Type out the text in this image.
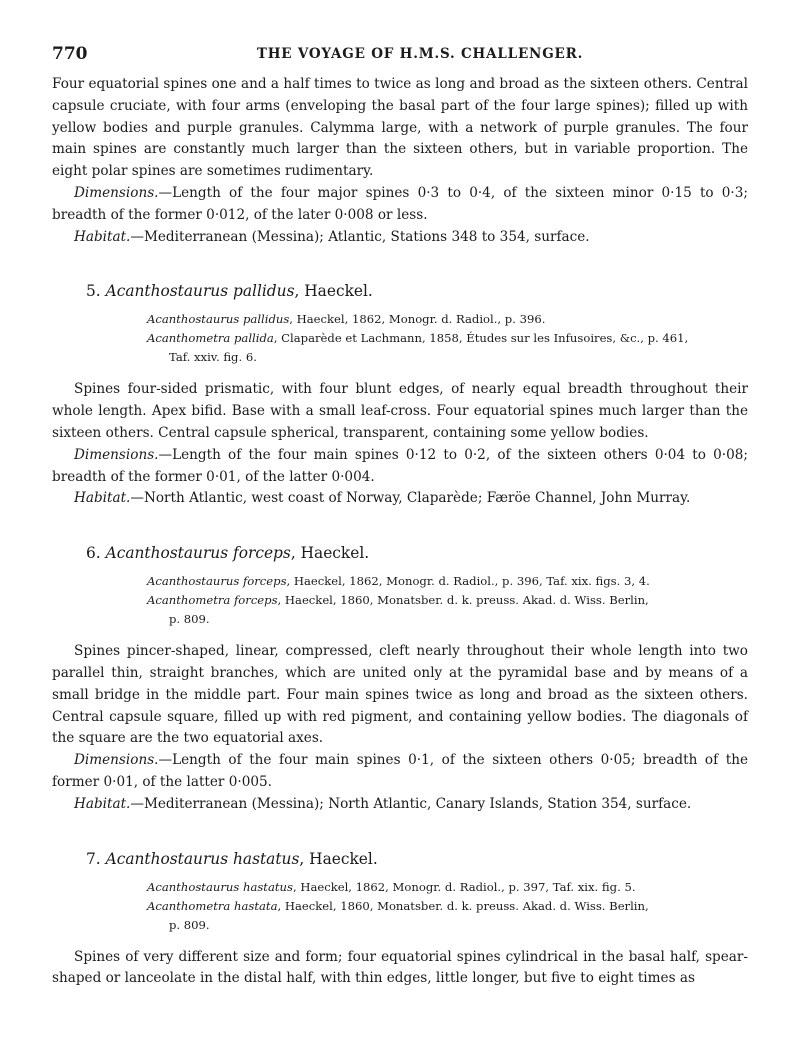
770	THE VOYAGE OF H.M.S. CHALLENGER.

Four equatorial spines one and a half times to twice as long and broad as the sixteen others. Central capsule cruciate, with four arms (enveloping the basal part of the four large spines); filled up with yellow bodies and purple granules. Calymma large, with a network of purple granules. The four main spines are constantly much larger than the sixteen others, but in variable proportion. The eight polar spines are sometimes rudimentary.

Dimensions.—Length of the four major spines 0·3 to 0·4, of the sixteen minor 0·15 to 0·3; breadth of the former 0·012, of the later 0·008 or less.

Habitat.—Mediterranean (Messina); Atlantic, Stations 348 to 354, surface.

5. Acanthostaurus pallidus, Haeckel.

Acanthostaurus pallidus, Haeckel, 1862, Monogr. d. Radiol., p. 396.

Acanthometra pallida, Claparède et Lachmann, 1858, Études sur les Infusoires, &c., p. 461,
Taf. xxiv. fig. 6.

Spines four-sided prismatic, with four blunt edges, of nearly equal breadth throughout their whole length. Apex bifid. Base with a small leaf-cross. Four equatorial spines much larger than the sixteen others. Central capsule spherical, transparent, containing some yellow bodies.

Dimensions.—Length of the four main spines 0·12 to 0·2, of the sixteen others 0·04 to 0·08; breadth of the former 0·01, of the latter 0·004.

Habitat.—North Atlantic, west coast of Norway, Claparède; Færöe Channel, John Murray.

6. Acanthostaurus forceps, Haeckel.

Acanthostaurus forceps, Haeckel, 1862, Monogr. d. Radiol., p. 396, Taf. xix. figs. 3, 4.

Acanthometra forceps, Haeckel, 1860, Monatsber. d. k. preuss. Akad. d. Wiss. Berlin,
p. 809.

Spines pincer-shaped, linear, compressed, cleft nearly throughout their whole length into two parallel thin, straight branches, which are united only at the pyramidal base and by means of a small bridge in the middle part. Four main spines twice as long and broad as the sixteen others. Central capsule square, filled up with red pigment, and containing yellow bodies. The diagonals of the square are the two equatorial axes.

Dimensions.—Length of the four main spines 0·1, of the sixteen others 0·05; breadth of the former 0·01, of the latter 0·005.

Habitat.—Mediterranean (Messina); North Atlantic, Canary Islands, Station 354, surface.

7. Acanthostaurus hastatus, Haeckel.

Acanthostaurus hastatus, Haeckel, 1862, Monogr. d. Radiol., p. 397, Taf. xix. fig. 5.

Acanthometra hastata, Haeckel, 1860, Monatsber. d. k. preuss. Akad. d. Wiss. Berlin,
p. 809.

Spines of very different size and form; four equatorial spines cylindrical in the basal half, spear-shaped or lanceolate in the distal half, with thin edges, little longer, but five to eight times as
